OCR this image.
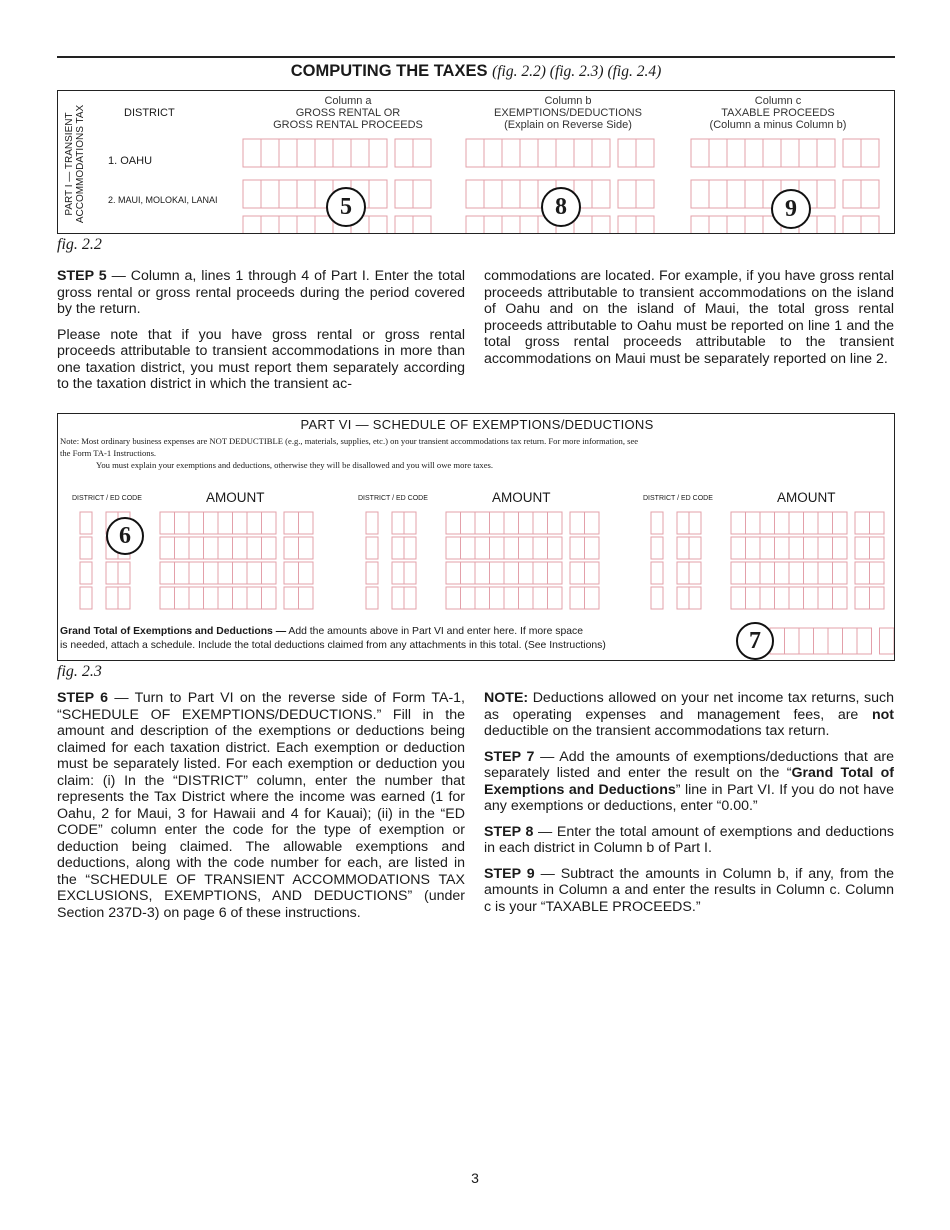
COMPUTING THE TAXES (fig. 2.2) (fig. 2.3) (fig. 2.4)
PART I — TRANSIENT ACCOMMODATIONS TAX	DISTRICT
Column a
GROSS RENTAL OR
GROSS RENTAL PROCEEDS
Column b
EXEMPTIONS/DEDUCTIONS
(Explain on Reverse Side)
Column c
TAXABLE PROCEEDS
(Column a minus Column b)
1. OAHU
2. MAUI, MOLOKAI, LANAI	5	8	9
fig. 2.2

STEP 5 — Column a, lines 1 through 4 of Part I. Enter the total gross rental or gross rental proceeds during the period covered by the return.

Please note that if you have gross rental or gross rental proceeds attributable to transient accommodations in more than one taxation district, you must report them separately according to the taxation district in which the transient ac-

commodations are located. For example, if you have gross rental proceeds attributable to transient accommodations on the island of Oahu and on the island of Maui, the total gross rental proceeds attributable to Oahu must be reported on line 1 and the total gross rental proceeds attributable to the transient accommodations on Maui must be separately reported on line 2.

PART VI — SCHEDULE OF EXEMPTIONS/DEDUCTIONS
Note: Most ordinary business expenses are NOT DEDUCTIBLE (e.g., materials, supplies, etc.) on your transient accommodations tax return. For more information, see
the Form TA-1 Instructions.
You must explain your exemptions and deductions, otherwise they will be disallowed and you will owe more taxes.
DISTRICT / ED CODE	AMOUNT	DISTRICT / ED CODE	AMOUNT	DISTRICT / ED CODE	AMOUNT
6
Grand Total of Exemptions and Deductions — Add the amounts above in Part VI and enter here. If more space
is needed, attach a schedule. Include the total deductions claimed from any attachments in this total. (See Instructions)	7
fig. 2.3

STEP 6 — Turn to Part VI on the reverse side of Form TA-1, “SCHEDULE OF EXEMPTIONS/DEDUCTIONS.” Fill in the amount and description of the exemptions or deductions being claimed for each taxation district. Each exemption or deduction must be separately listed. For each exemption or deduction you claim: (i) In the “DISTRICT” column, enter the number that represents the Tax District where the income was earned (1 for Oahu, 2 for Maui, 3 for Hawaii and 4 for Kauai); (ii) in the “ED CODE” column enter the code for the type of exemption or deduction being claimed. The allowable exemptions and deductions, along with the code number for each, are listed in the “SCHEDULE OF TRANSIENT ACCOMMODATIONS TAX EXCLUSIONS, EXEMPTIONS, AND DEDUCTIONS” (under Section 237D-3) on page 6 of these instructions.

NOTE: Deductions allowed on your net income tax returns, such as operating expenses and management fees, are not deductible on the transient accommodations tax return.

STEP 7 — Add the amounts of exemptions/deductions that are separately listed and enter the result on the “Grand Total of Exemptions and Deductions” line in Part VI. If you do not have any exemptions or deductions, enter “0.00.”

STEP 8 — Enter the total amount of exemptions and deductions in each district in Column b of Part I.

STEP 9 — Subtract the amounts in Column b, if any, from the amounts in Column a and enter the results in Column c. Column c is your “TAXABLE PROCEEDS.”

3
